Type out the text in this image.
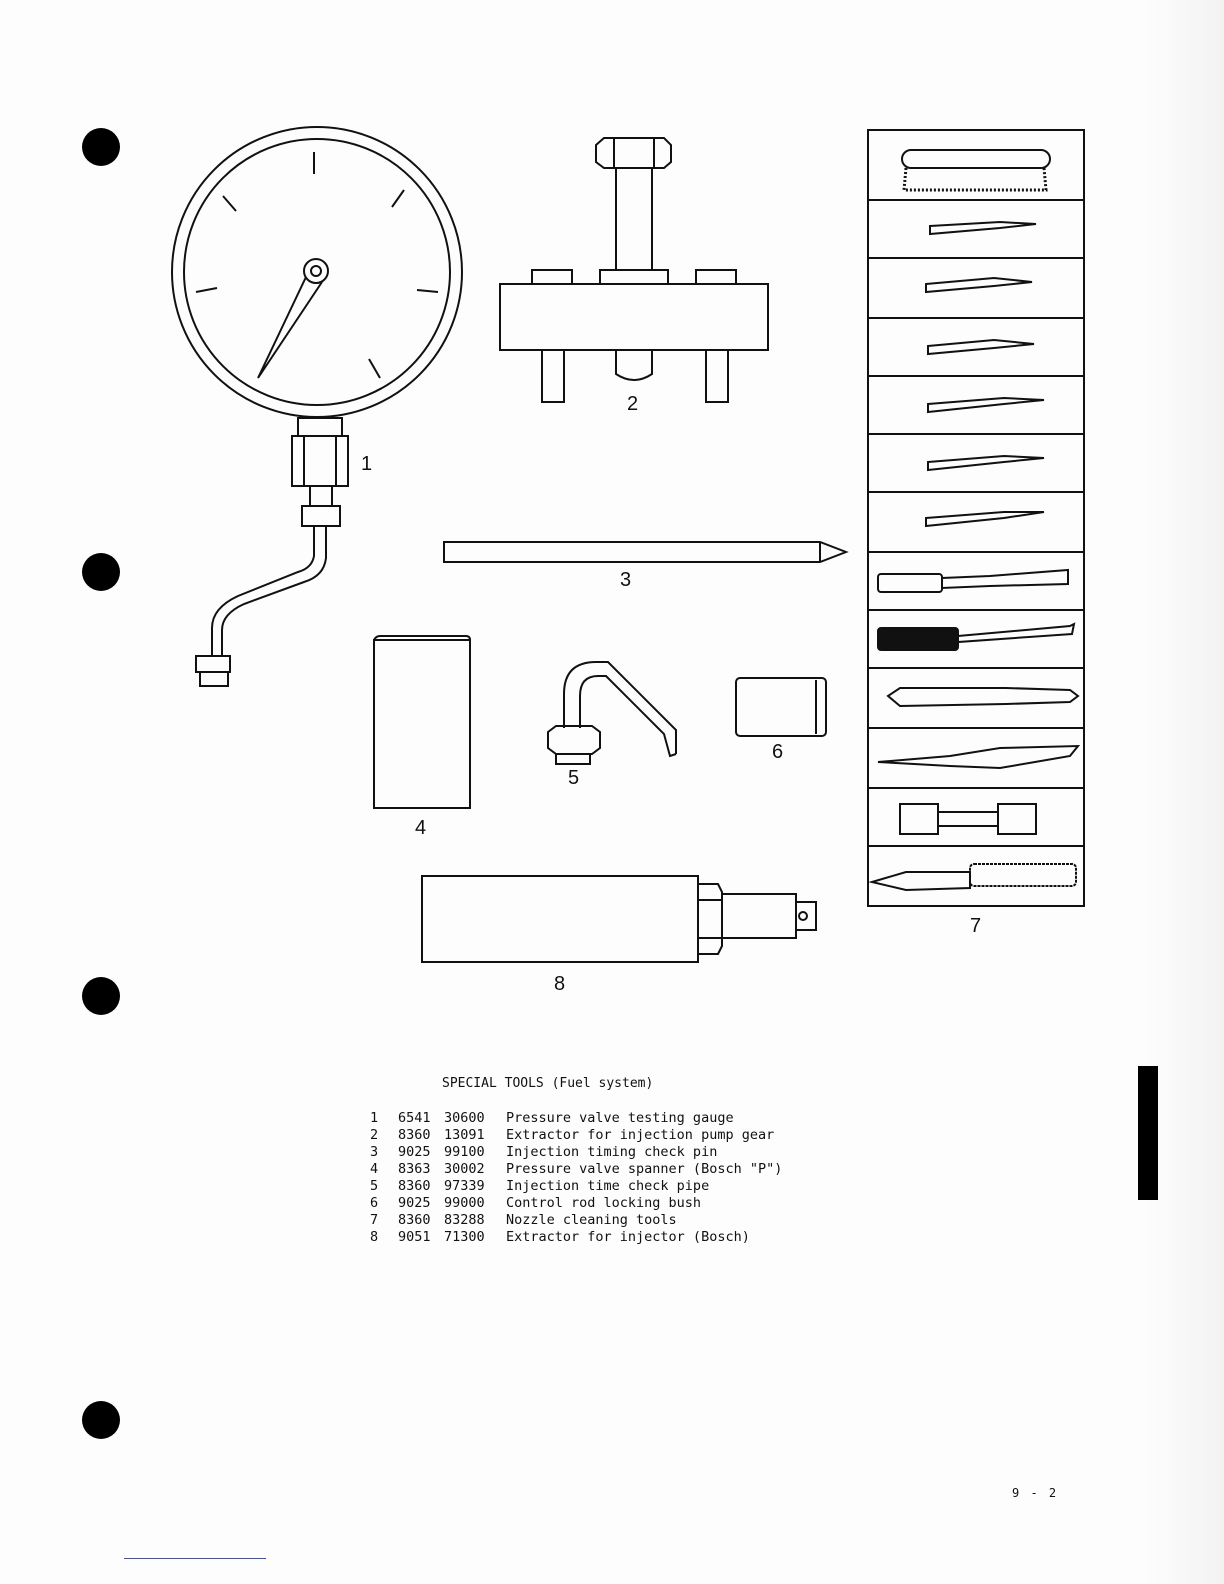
1
2
3
4
5
6
7
8
SPECIAL TOOLS (Fuel system)
1	6541 30600	Pressure valve testing gauge
2	8360 13091	Extractor for injection pump gear
3	9025 99100	Injection timing check pin
4	8363 30002	Pressure valve spanner (Bosch "P")
5	8360 97339	Injection time check pipe
6	9025 99000	Control rod locking bush
7	8360 83288	Nozzle cleaning tools
8	9051 71300	Extractor for injector (Bosch)
9 - 2
